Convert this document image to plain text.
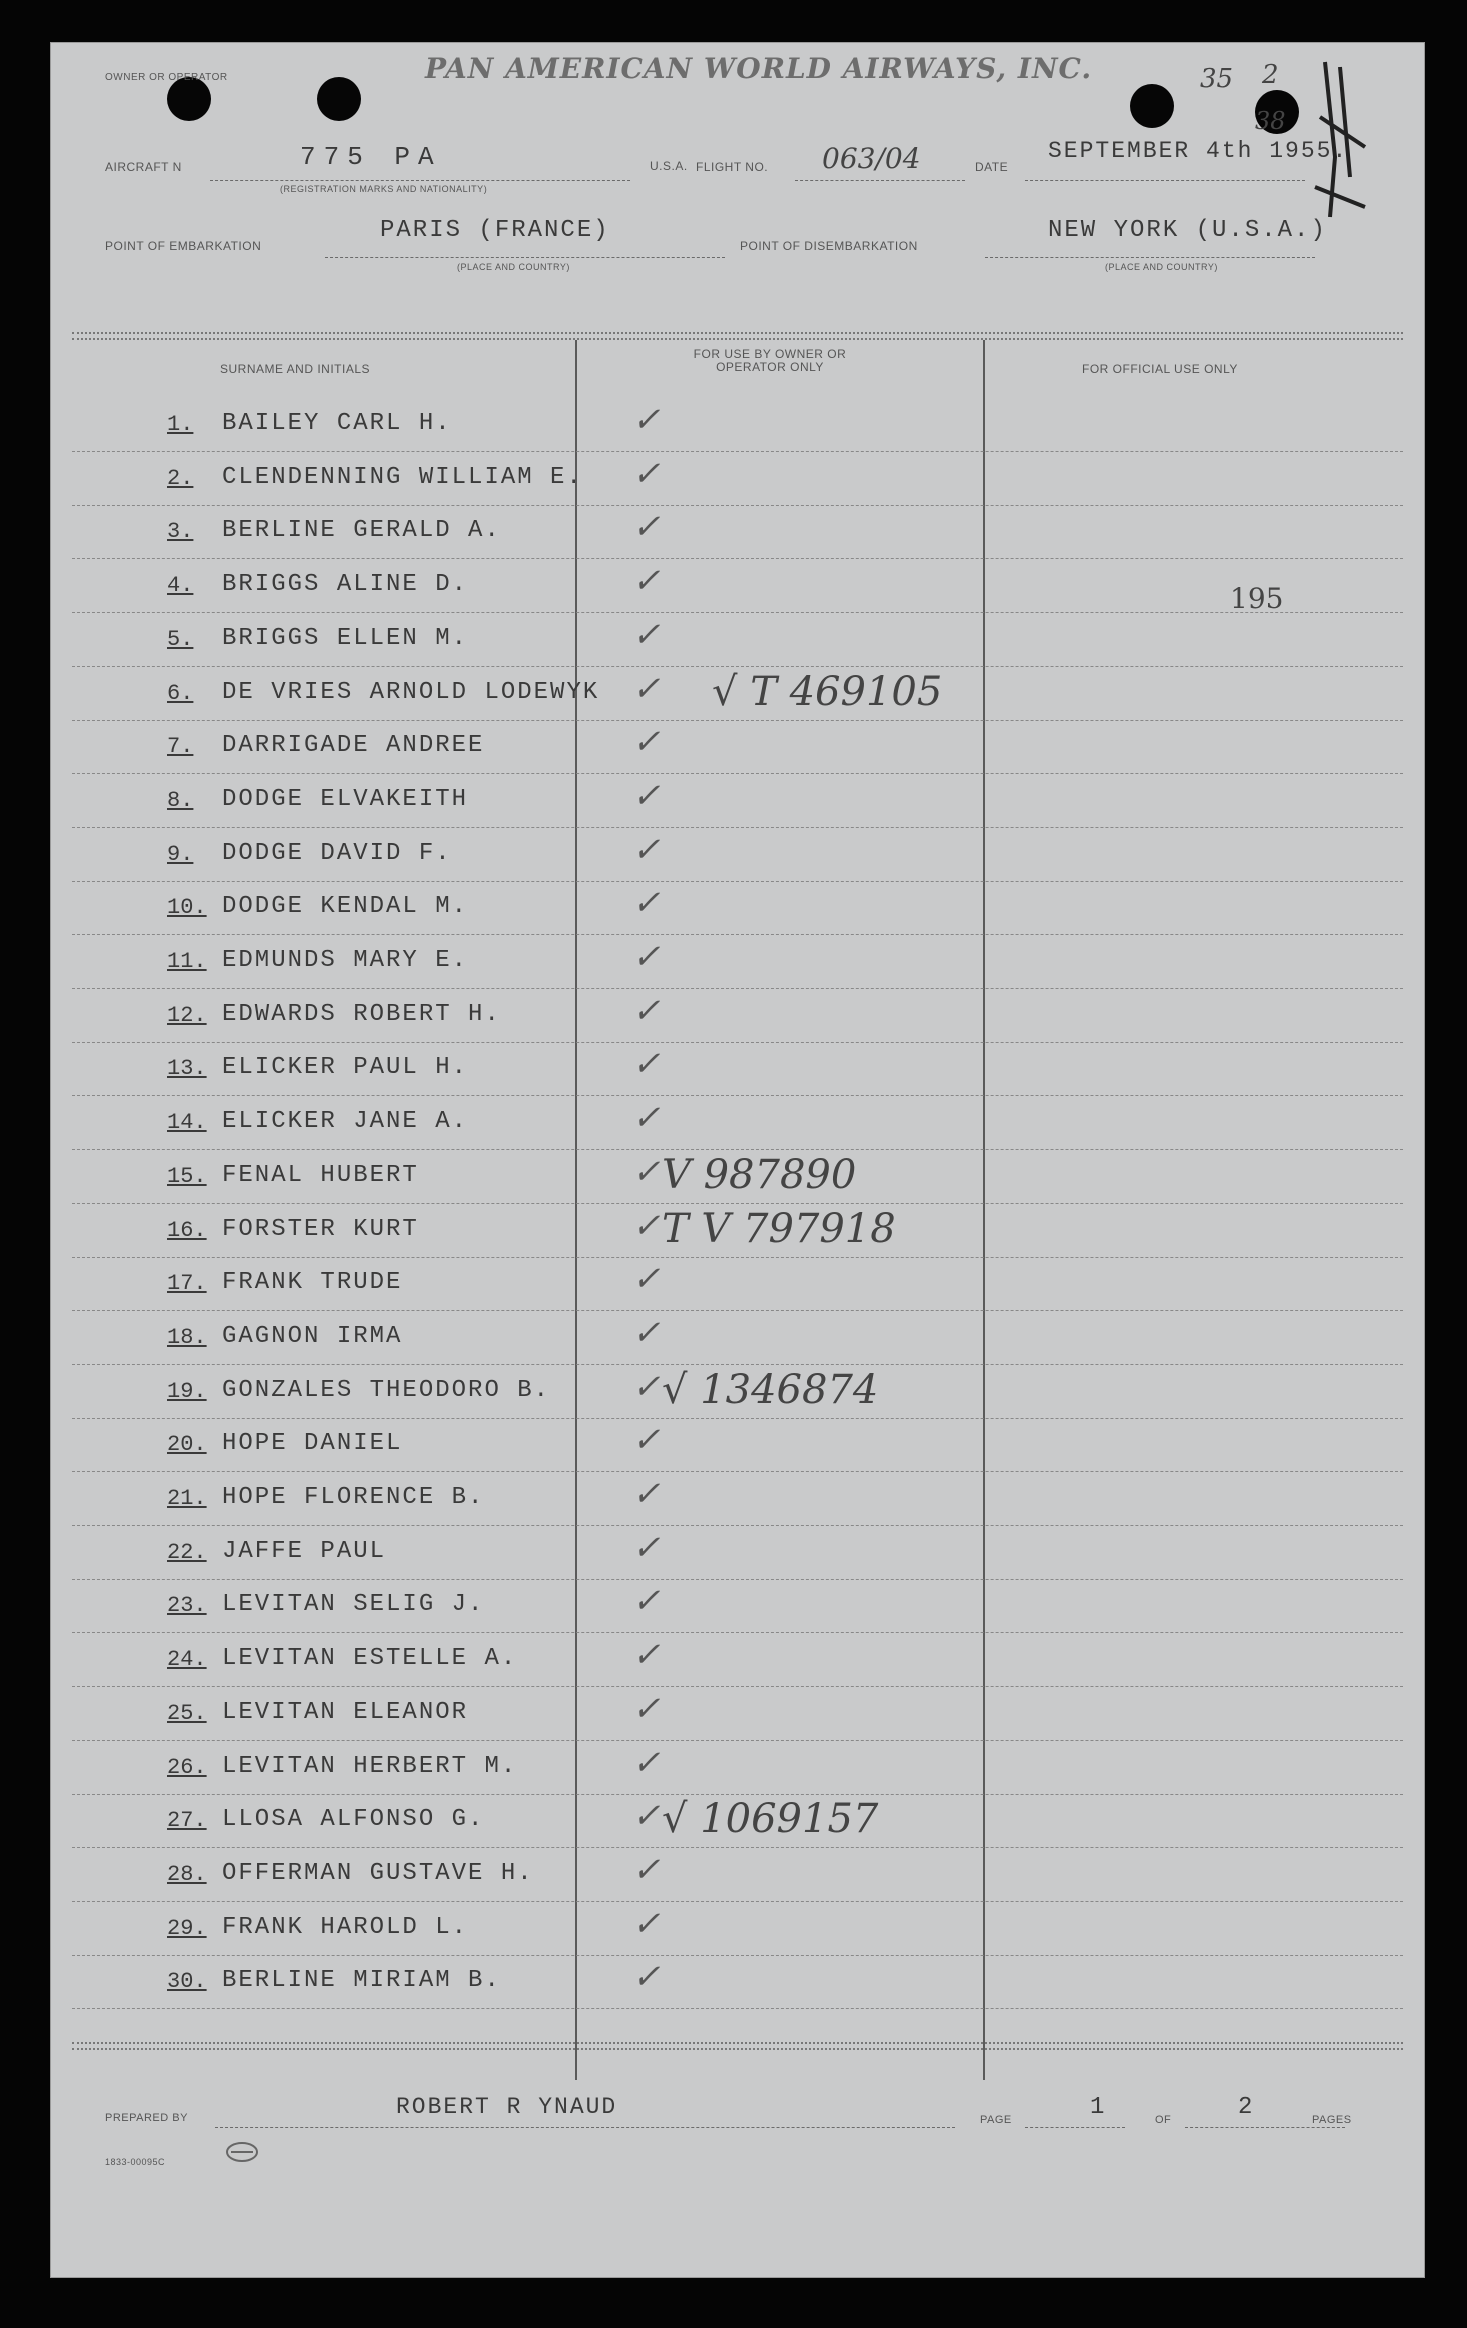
OWNER OR OPERATOR	PAN AMERICAN WORLD AIRWAYS, INC.	35 2
38
AIRCRAFT N	775 PA
(REGISTRATION MARKS AND NATIONALITY)
U.S.A. FLIGHT NO. 063/04	DATE
SEPTEMBER 4th 1955.
POINT OF EMBARKATION
PARIS (FRANCE)
(PLACE AND COUNTRY)
POINT OF DISEMBARKATION
NEW YORK (U.S.A.)
(PLACE AND COUNTRY)
SURNAME AND INITIALS
FOR USE BY OWNER OR OPERATOR ONLY	FOR OFFICIAL USE ONLY
195
1.	BAILEY CARL H.	✓
2.	CLENDENNING WILLIAM E. ✓
3.	BERLINE GERALD A.	✓
4.	BRIGGS ALINE D.	✓
5.	BRIGGS ELLEN M.	✓
6.	DE VRIES ARNOLD LODEWYK ✓ √ T 469105
7.	DARRIGADE ANDREE	✓
8.	DODGE ELVAKEITH	✓
9.	DODGE DAVID F.	✓
10. DODGE KENDAL M.	✓
11. EDMUNDS MARY E.	✓
12. EDWARDS ROBERT H.	✓
13. ELICKER PAUL H.	✓
14. ELICKER JANE A.	✓
15. FENAL HUBERT	✓ V 987890
16. FORSTER KURT	✓ T V 797918
17. FRANK TRUDE	✓
18. GAGNON IRMA	✓
19. GONZALES THEODORO B. ✓ √ 1346874
20. HOPE DANIEL	✓
21. HOPE FLORENCE B.	✓
22. JAFFE PAUL	✓
23. LEVITAN SELIG J.	✓
24. LEVITAN ESTELLE A.	✓
25. LEVITAN ELEANOR	✓
26. LEVITAN HERBERT M.	✓
27. LLOSA ALFONSO G.	✓ √ 1069157
28. OFFERMAN GUSTAVE H.	✓
29. FRANK HAROLD L.	✓
30. BERLINE MIRIAM B.	✓
PREPARED BY	ROBERT R YNAUD
1833-00095C
PAGE	1	OF	2	PAGES
